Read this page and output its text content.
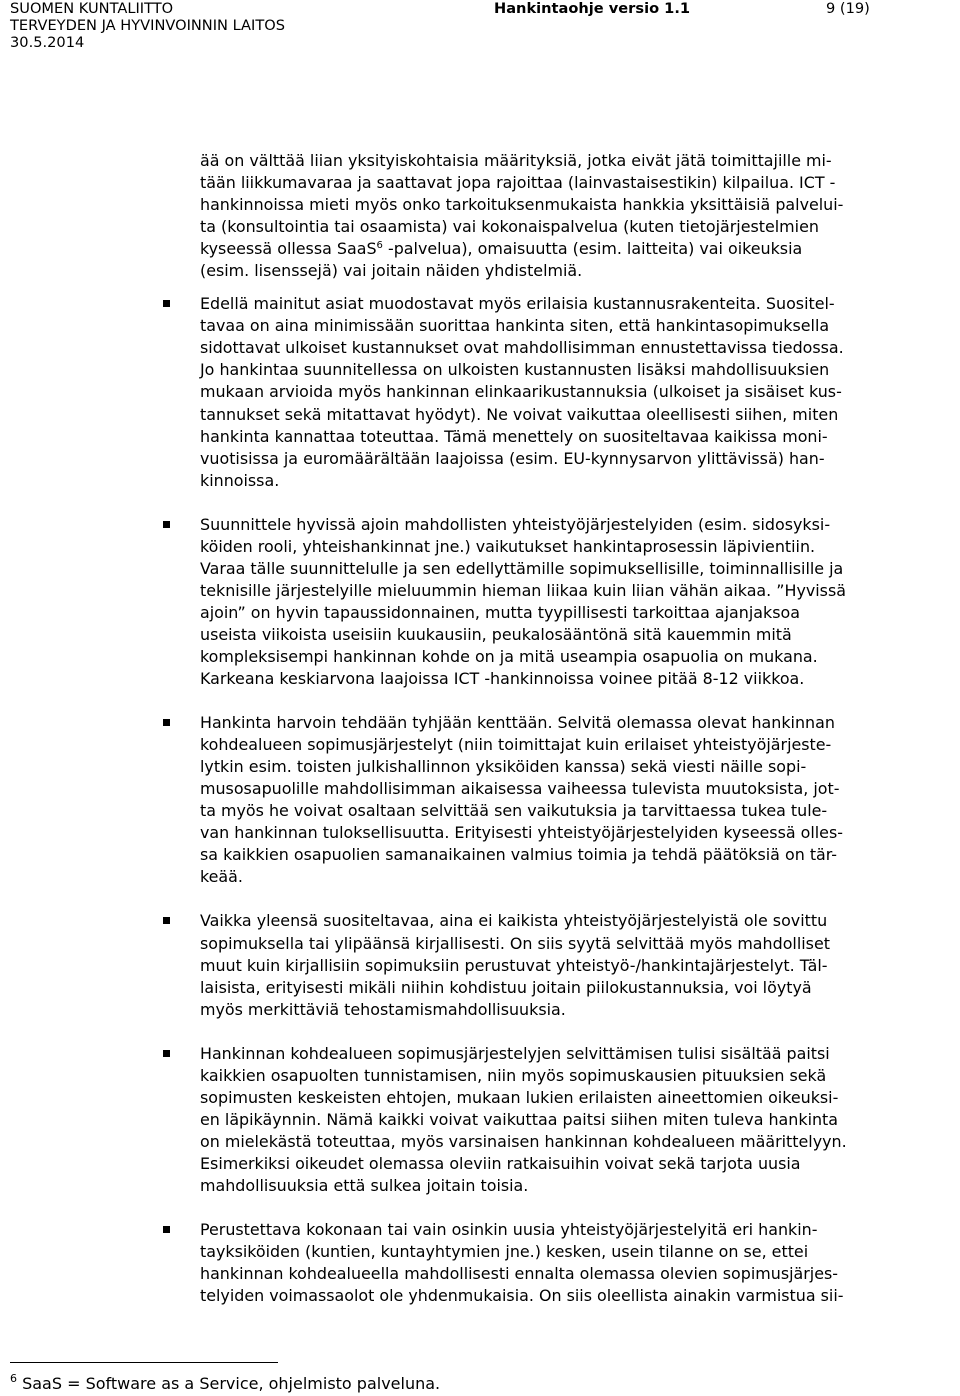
SUOMEN KUNTALIITTO
TERVEYDEN JA HYVINVOINNIN LAITOS
30.5.2014
Hankintaohje versio 1.1	9 (19)

ää on välttää liian yksityiskohtaisia määrityksiä, jotka eivät jätä toimittajille mi-

tään liikkumavaraa ja saattavat jopa rajoittaa (lainvastaisestikin) kilpailua. ICT -

hankinnoissa mieti myös onko tarkoituksenmukaista hankkia yksittäisiä palvelui-

ta (konsultointia tai osaamista) vai kokonaispalvelua (kuten tietojärjestelmien

kyseessä ollessa SaaS$^6$ -palvelua), omaisuutta (esim. laitteita) vai oikeuksia

(esim. lisenssejä) vai joitain näiden yhdistelmiä.

Edellä mainitut asiat muodostavat myös erilaisia kustannusrakenteita. Suositel-

tavaa on aina minimissään suorittaa hankinta siten, että hankintasopimuksella

sidottavat ulkoiset kustannukset ovat mahdollisimman ennustettavissa tiedossa.

Jo hankintaa suunnitellessa on ulkoisten kustannusten lisäksi mahdollisuuksien

mukaan arvioida myös hankinnan elinkaarikustannuksia (ulkoiset ja sisäiset kus-

tannukset sekä mitattavat hyödyt). Ne voivat vaikuttaa oleellisesti siihen, miten

hankinta kannattaa toteuttaa. Tämä menettely on suositeltavaa kaikissa moni-

vuotisissa ja euromäärältään laajoissa (esim. EU-kynnysarvon ylittävissä) han-

kinnoissa.

Suunnittele hyvissä ajoin mahdollisten yhteistyöjärjestelyiden (esim. sidosyksi-

köiden rooli, yhteishankinnat jne.) vaikutukset hankintaprosessin läpivientiin.

Varaa tälle suunnittelulle ja sen edellyttämille sopimuksellisille, toiminnallisille ja

teknisille järjestelyille mieluummin hieman liikaa kuin liian vähän aikaa. ”Hyvissä

ajoin” on hyvin tapaussidonnainen, mutta tyypillisesti tarkoittaa ajanjaksoa

useista viikoista useisiin kuukausiin, peukalosääntönä sitä kauemmin mitä

kompleksisempi hankinnan kohde on ja mitä useampia osapuolia on mukana.

Karkeana keskiarvona laajoissa ICT -hankinnoissa voinee pitää 8-12 viikkoa.

Hankinta harvoin tehdään tyhjään kenttään. Selvitä olemassa olevat hankinnan

kohdealueen sopimusjärjestelyt (niin toimittajat kuin erilaiset yhteistyöjärjeste-

lytkin esim. toisten julkishallinnon yksiköiden kanssa) sekä viesti näille sopi-

musosapuolille mahdollisimman aikaisessa vaiheessa tulevista muutoksista, jot-

ta myös he voivat osaltaan selvittää sen vaikutuksia ja tarvittaessa tukea tule-

van hankinnan tuloksellisuutta. Erityisesti yhteistyöjärjestelyiden kyseessä olles-

sa kaikkien osapuolien samanaikainen valmius toimia ja tehdä päätöksiä on tär-

keää.

Vaikka yleensä suositeltavaa, aina ei kaikista yhteistyöjärjestelyistä ole sovittu

sopimuksella tai ylipäänsä kirjallisesti. On siis syytä selvittää myös mahdolliset

muut kuin kirjallisiin sopimuksiin perustuvat yhteistyö-/hankintajärjestelyt. Täl-

laisista, erityisesti mikäli niihin kohdistuu joitain piilokustannuksia, voi löytyä

myös merkittäviä tehostamismahdollisuuksia.

Hankinnan kohdealueen sopimusjärjestelyjen selvittämisen tulisi sisältää paitsi

kaikkien osapuolten tunnistamisen, niin myös sopimuskausien pituuksien sekä

sopimusten keskeisten ehtojen, mukaan lukien erilaisten aineettomien oikeuksi-

en läpikäynnin. Nämä kaikki voivat vaikuttaa paitsi siihen miten tuleva hankinta

on mielekästä toteuttaa, myös varsinaisen hankinnan kohdealueen määrittelyyn.

Esimerkiksi oikeudet olemassa oleviin ratkaisuihin voivat sekä tarjota uusia

mahdollisuuksia että sulkea joitain toisia.

Perustettava kokonaan tai vain osinkin uusia yhteistyöjärjestelyitä eri hankin-

tayksiköiden (kuntien, kuntayhtymien jne.) kesken, usein tilanne on se, ettei

hankinnan kohdealueella mahdollisesti ennalta olemassa olevien sopimusjärjes-

telyiden voimassaolot ole yhdenmukaisia. On siis oleellista ainakin varmistua sii-

$^6$ SaaS = Software as a Service, ohjelmisto palveluna.
